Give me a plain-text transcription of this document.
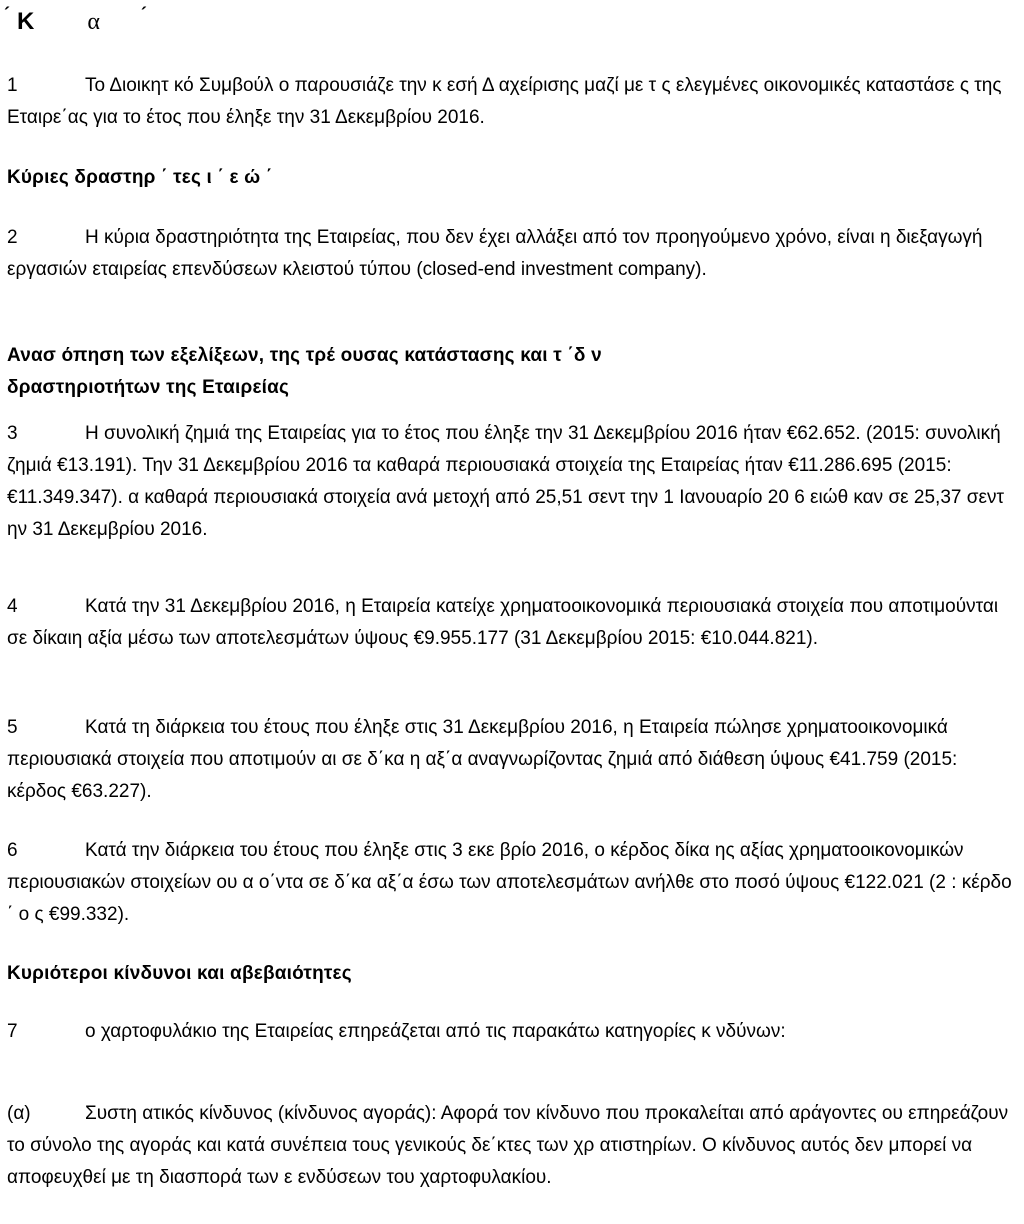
´ Κ α ´

1	Το Διοικητ κό Συμβούλ ο παρουσιάζε την κ εσή Δ αχείρισης μαζί με τ ς ελεγμένες οικονομικές καταστάσε ς της Εταιρε΄ας για το έτος που έληξε την 31 Δεκεμβρίου 2016.

Κύριες δραστηρ ΄ τες ι ΄ ε ώ ΄

2	Η κύρια δραστηριότητα της Εταιρείας, που δεν έχει αλλάξει από τον προηγούμενο χρόνο, είναι η διεξαγωγή εργασιών εταιρείας επενδύσεων κλειστού τύπου (closed-end investment company).

Ανασ όπηση των εξελίξεων, της τρέ ουσας κατάστασης και τ ΄δ ν
δραστηριοτήτων της Εταιρείας

3	Η συνολική ζημιά της Εταιρείας για το έτος που έληξε την 31 Δεκεμβρίου 2016 ήταν €62.652. (2015: συνολική ζημιά €13.191). Την 31 Δεκεμβρίου 2016 τα καθαρά περιουσιακά στοιχεία της Εταιρείας ήταν €11.286.695 (2015: €11.349.347). α καθαρά περιουσιακά στοιχεία ανά μετοχή από 25,51 σεντ την 1 Ιανουαρίο 20 6 ειώθ καν σε 25,37 σεντ ην 31 Δεκεμβρίου 2016.

4	Κατά την 31 Δεκεμβρίου 2016, η Εταιρεία κατείχε χρηματοοικονομικά περιουσιακά στοιχεία που αποτιμούνται σε δίκαιη αξία μέσω των αποτελεσμάτων ύψους €9.955.177 (31 Δεκεμβρίου 2015: €10.044.821).

5	Κατά τη διάρκεια του έτους που έληξε στις 31 Δεκεμβρίου 2016, η Εταιρεία πώλησε χρηματοοικονομικά περιουσιακά στοιχεία που αποτιμούν αι σε δ΄κα η αξ΄α αναγνωρίζοντας ζημιά από διάθεση ύψους €41.759 (2015: κέρδος €63.227).

6	Κατά την διάρκεια του έτους που έληξε στις 3 εκε βρίο 2016, ο κέρδος δίκα ης αξίας χρηματοοικονομικών περιουσιακών στοιχείων ου α ο΄ντα σε δ΄κα αξ΄α έσω των αποτελεσμάτων ανήλθε στο ποσό ύψους €122.021 (2 : κέρδο ΄ ο ς €99.332).

Κυριότεροι κίνδυνοι και αβεβαιότητες

7	ο χαρτοφυλάκιο της Εταιρείας επηρεάζεται από τις παρακάτω κατηγορίες κ νδύνων:

(α)	Συστη ατικός κίνδυνος (κίνδυνος αγοράς): Αφορά τον κίνδυνο που προκαλείται από αράγοντες ου επηρεάζουν το σύνολο της αγοράς και κατά συνέπεια τους γενικούς δε΄κτες των χρ ατιστηρίων. Ο κίνδυνος αυτός δεν μπορεί να αποφευχθεί με τη διασπορά των ε ενδύσεων του χαρτοφυλακίου.
